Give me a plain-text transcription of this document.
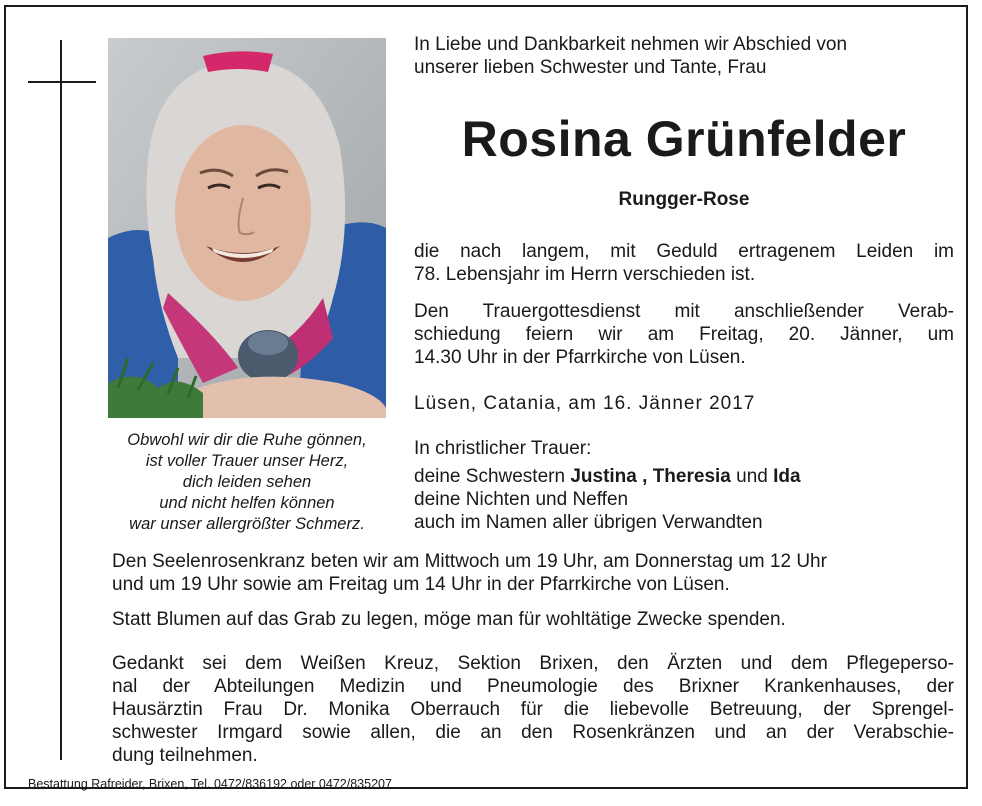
Obwohl wir dir die Ruhe gönnen,
ist voller Trauer unser Herz,
dich leiden sehen
und nicht helfen können
war unser allergrößter Schmerz.
In Liebe und Dankbarkeit nehmen wir Abschied von
unserer lieben Schwester und Tante, Frau
Rosina Grünfelder
Rungger-Rose
die nach langem, mit Geduld ertragenem Leiden im
78. Lebensjahr im Herrn verschieden ist.
Den Trauergottesdienst mit anschließender Verab-
schiedung feiern wir am Freitag, 20. Jänner, um
14.30 Uhr in der Pfarrkirche von Lüsen.
Lüsen, Catania, am 16. Jänner 2017
In christlicher Trauer:
deine Schwestern Justina , Theresia und Ida
deine Nichten und Neffen
auch im Namen aller übrigen Verwandten
Den Seelenrosenkranz beten wir am Mittwoch um 19 Uhr, am Donnerstag um 12 Uhr
und um 19 Uhr sowie am Freitag um 14 Uhr in der Pfarrkirche von Lüsen.
Statt Blumen auf das Grab zu legen, möge man für wohltätige Zwecke spenden.
Gedankt sei dem Weißen Kreuz, Sektion Brixen, den Ärzten und dem Pflegeperso-
nal der Abteilungen Medizin und Pneumologie des Brixner Krankenhauses, der
Hausärztin Frau Dr. Monika Oberrauch für die liebevolle Betreuung, der Sprengel-
schwester Irmgard sowie allen, die an den Rosenkränzen und an der Verabschie-
dung teilnehmen.
Bestattung Rafreider, Brixen, Tel. 0472/836192 oder 0472/835207
